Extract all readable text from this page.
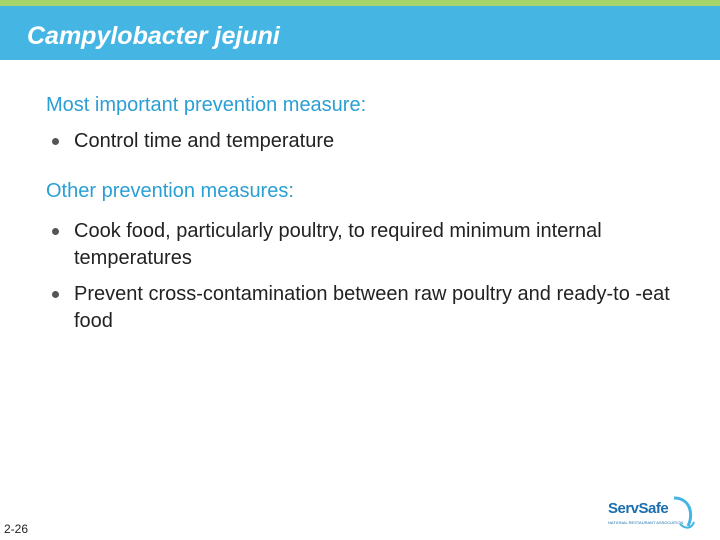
Campylobacter jejuni
Most important prevention measure:
Control time and temperature
Other prevention measures:
Cook food, particularly poultry, to required minimum internal temperatures
Prevent cross-contamination between raw poultry and ready-to -eat food
2-26
ServSafe
NATIONAL RESTAURANT ASSOCIATION
